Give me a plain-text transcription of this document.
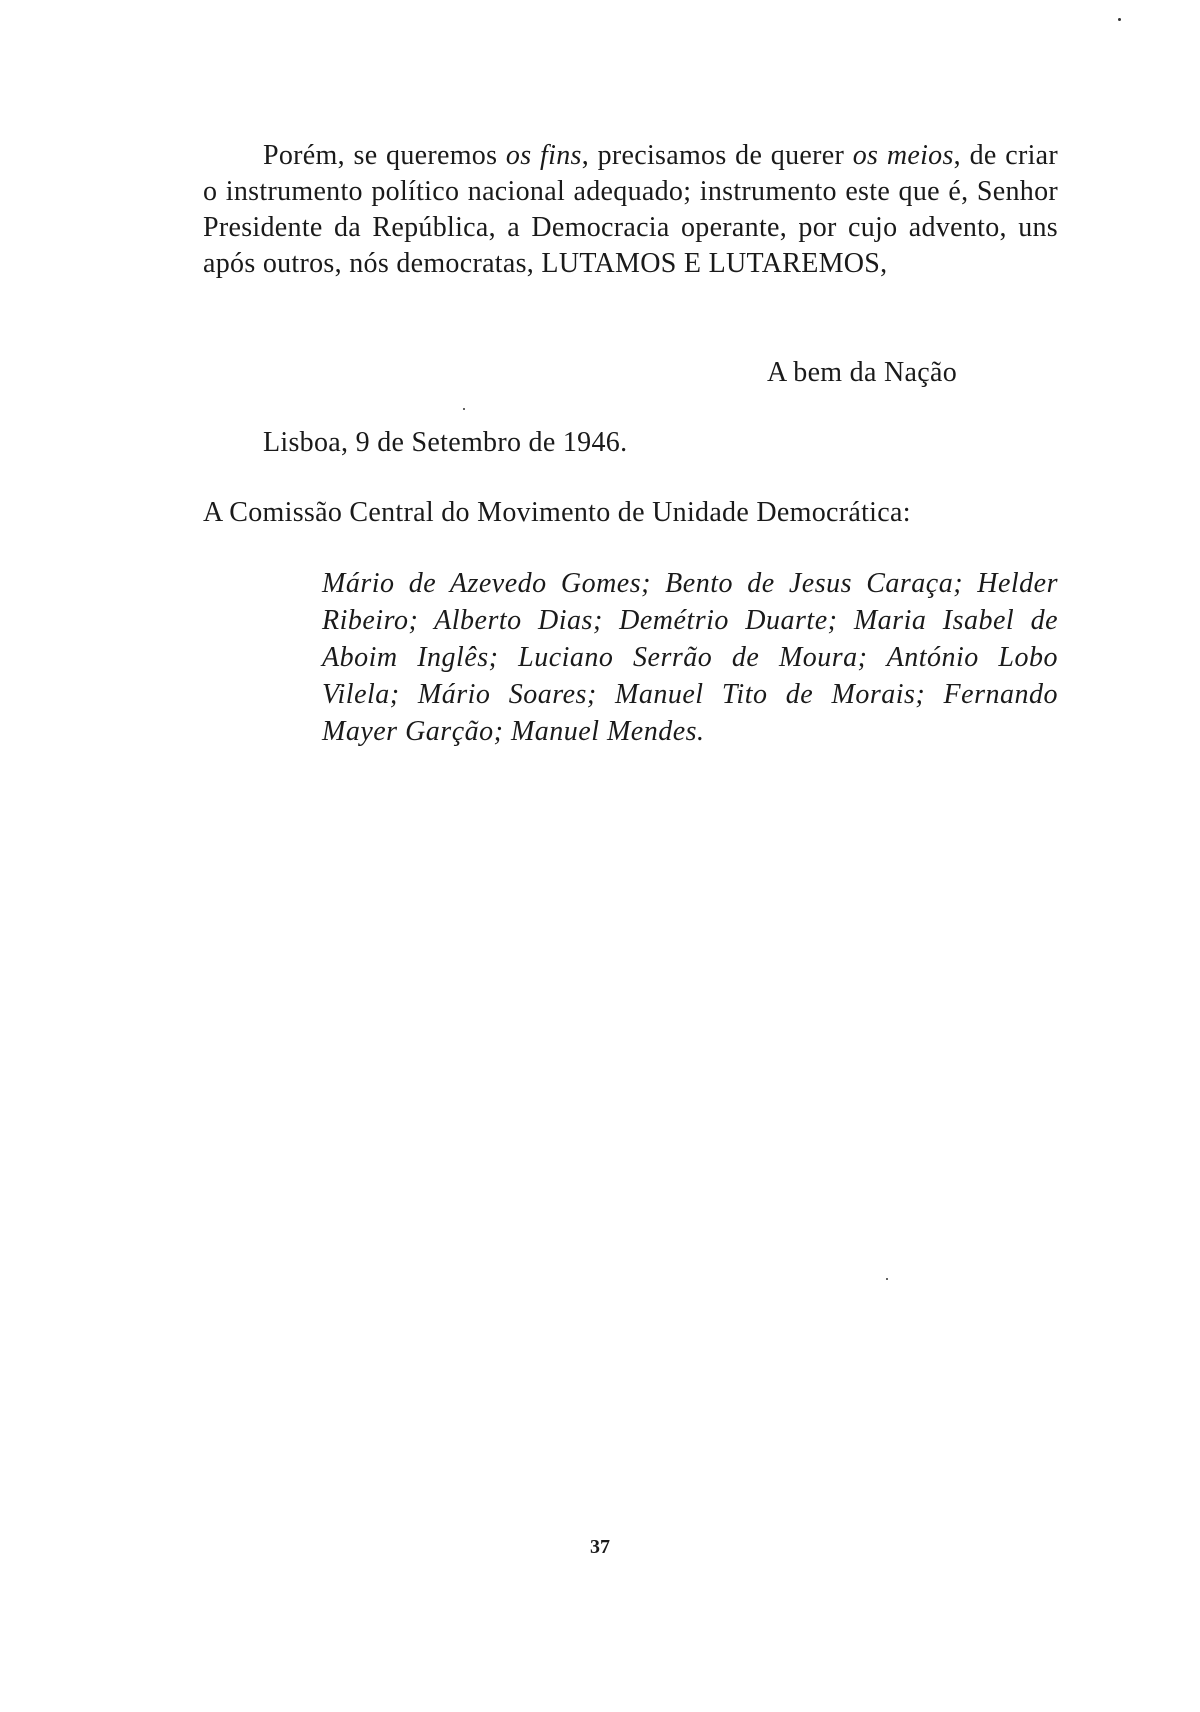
Porém, se queremos os fins, precisamos de querer os meios, de criar o instrumento político nacional adequado; instrumento este que é, Senhor Presidente da República, a Democracia operante, por cujo advento, uns após outros, nós democratas, LUTAMOS E LUTAREMOS,

A bem da Nação

Lisboa, 9 de Setembro de 1946.

A Comissão Central do Movimento de Unidade Democrática:

Mário de Azevedo Gomes; Bento de Jesus Caraça; Helder Ribeiro; Alberto Dias; Demétrio Duarte; Maria Isabel de Aboim Inglês; Luciano Serrão de Moura; António Lobo Vilela; Mário Soares; Manuel Tito de Morais; Fernando Mayer Garção; Manuel Mendes.

37
